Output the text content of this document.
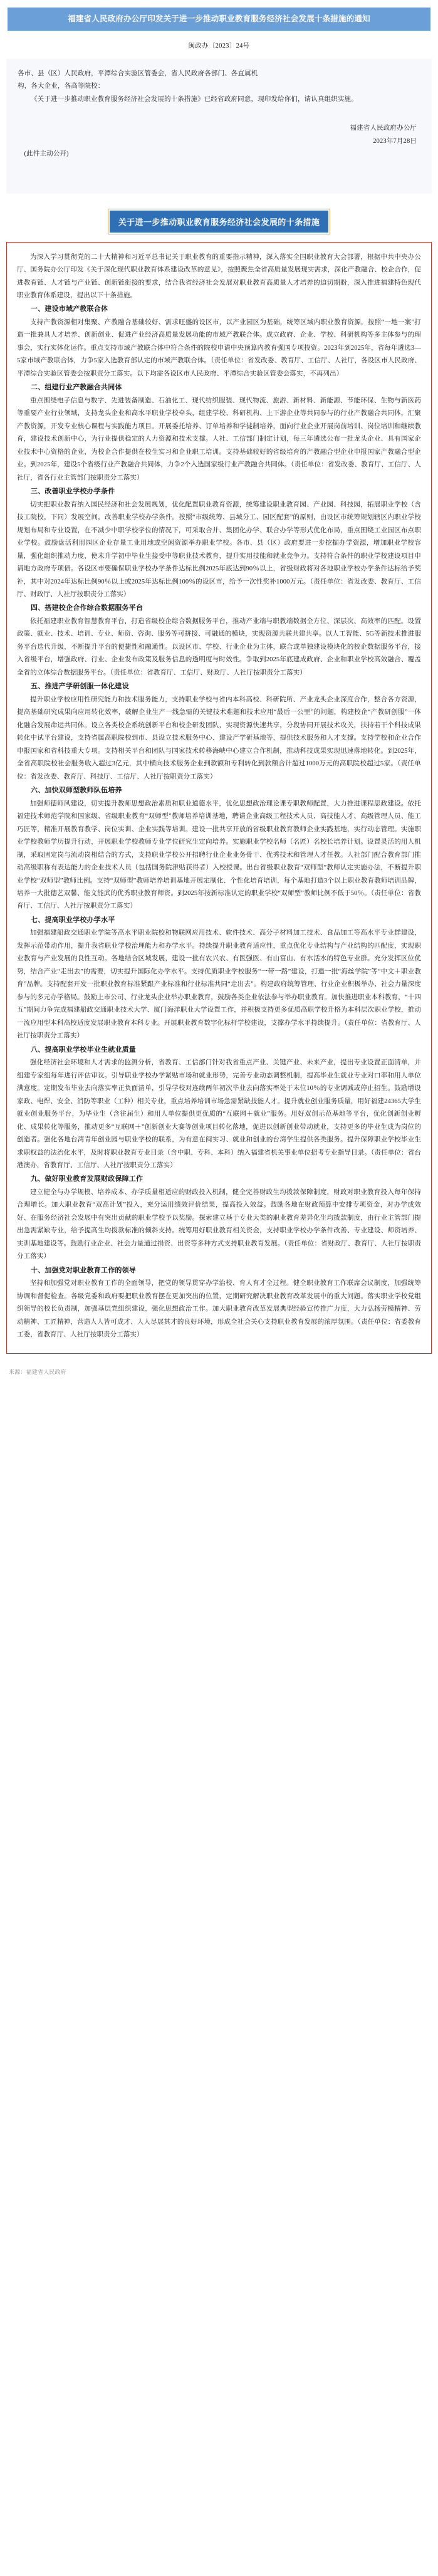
福建省人民政府办公厅印发关于进一步推动职业教育服务经济社会发展十条措施的通知
闽政办〔2023〕24号

各市、县（区）人民政府，平潭综合实验区管委会，省人民政府各部门、各直属机

构，各大企业，各高等院校：

《关于进一步推动职业教育服务经济社会发展的十条措施》已经省政府同意，现印发给你们，请认真组织实施。

福建省人民政府办公厅
2023年7月28日

(此件主动公开)

关于进一步推动职业教育服务经济社会发展的十条措施

为深入学习贯彻党的二十大精神和习近平总书记关于职业教育的重要指示精神，深入落实全国职业教育大会部署，根据中共中央办公厅、国务院办公厅印发《关于深化现代职业教育体系建设改革的意见》，按照聚焦全省高质量发展现实需求，深化产教融合、校企合作，促进教育链、人才链与产业链、创新链衔接的要求，结合我省经济社会发展对职业教育高质量人才培养的迫切期盼，深入推进福建特色现代职业教育体系建设，提出以下十条措施。

一、建设市域产教联合体

支持产教资源相对集聚、产教融合基础较好、需求旺盛的设区市，以产业园区为基础，统筹区域内职业教育资源，按照“一地一案”打造一批兼具人才培养、创新创业、促进产业经济高质量发展功能的市域产教联合体。成立政府、企业、学校、科研机构等多主体参与的理事会，实行实体化运作。重点支持市域产教联合体中符合条件的院校申请中央预算内教育强国专项投资。2023年到2025年，省每年遴选3—5家市域产教联合体，力争5家入选教育部认定的市域产教联合体。（责任单位：省发改委、教育厅、工信厅、人社厅，各设区市人民政府、平潭综合实验区管委会按职责分工落实。以下均需各设区市人民政府、平潭综合实验区管委会落实，不再列出）

二、组建行业产教融合共同体

重点围绕电子信息与数字、先进装备制造、石油化工、现代纺织服装、现代物流、旅游、新材料、新能源、节能环保、生物与新医药等重要产业行业领域，支持龙头企业和高水平职业学校牵头，组建学校、科研机构、上下游企业等共同参与的行业产教融合共同体，汇聚产教资源，开发专业核心课程与实践能力项目。开展委托培养、订单培养和学徒制培养，面向行业企业开展岗前培训、岗位培训和继续教育，建设技术创新中心，为行业提供稳定的人力资源和技术支撑。人社、工信部门制定计划，每三年遴选公布一批龙头企业、具有国家企业技术中心资格的企业，为校企合作提供在校生实习和企业职工培训。支持基础较好的省级培育的产教融合型企业申报国家产教融合型企业。到2025年，建设5个省级行业产教融合共同体，力争2个入选国家级行业产教融合共同体。（责任单位：省发改委、教育厅、工信厅、人社厅，省各行业主管部门按职责分工落实）

三、改善职业学校办学条件

切实把职业教育纳入国民经济和社会发展规划，优化配置职业教育资源，统筹建设职业教育园、产业园、科技园，拓展职业学校（含技工院校，下同）发展空间，改善职业学校办学条件。按照“市级统筹、县域分工、园区配套”的原则，由设区市统筹规划辖区内职业学校规划布局和专业设置，在不减少中职学校学位的情况下，可采取合并、集团化办学、联合办学等形式优化布局，重点围绕工业园区布点职业学校。鼓励盘活利用园区企业存量工业用地或空闲资源举办职业学校。各市、县（区）政府要进一步挖掘办学资源，增加职业学校容量，强化组织推动力度，使未升学初中毕业生接受中等职业技术教育，提升实用技能和就业竞争力。支持符合条件的职业学校建设项目申请地方政府专项债。各设区市要确保职业学校办学条件达标比例2025年底达到90％以上，省级财政将对各地职业学校办学条件达标给予奖补，其中对2024年达标比例90％以上或2025年达标比例100％的设区市，给予一次性奖补1000万元。（责任单位：省发改委、教育厅、工信厅、财政厅、人社厅按职责分工落实）

四、搭建校企合作综合数据服务平台

依托福建职业教育智慧教育平台，打造省级校企综合数据服务平台，推动产业端与职教端数据全方位、深层次、高效率的匹配。设置政策、就业、技术、培训、专业、师资、咨询、服务等可拼接、可融通的模块，实现资源共联共建共享。以人工智能、5G等新技术推进服务平台迭代升级，不断提升平台的便捷性和融通性。以设区市、学校、行业企业为主体，联合或单独建设模块化的校企数据服务平台，接入省级平台，增强政府、行业、企业发布政策及服务信息的透明度与时效性。争取到2025年底建成政府、企业和职业学校高效融合、覆盖全省的立体综合数据服务平台。（责任单位：省教育厅、工信厅、财政厅、人社厅按职责分工落实）

五、推进产学研创服一体化建设

提升职业学校应用性研究能力和技术服务能力，支持职业学校与省内本科高校、科研院所、产业龙头企业深度合作，整合各方资源，提高基础研究成果向应用转化效率，破解企业生产一线急需的关键技术难题和技术应用“最后一公里”的问题，构建校企“产教研创服”一体化融合发展命运共同体。设立各类校企系统创新平台和校企研发团队，实现资源快速共享，分段协同开展技术攻关，扶持若干个科技成果转化中试平台建设，支持省属高职院校到市、县设立技术服务中心、建设产学研基地等，提供技术服务和人才支撑。支持学校和企业合作申报国家和省科技重大专项。支持相关平台和团队与国家技术转移海峡中心建立合作机制，推动科技成果实现迅速落地转化。到2025年，全省高职院校社会服务收入超过3亿元，其中横向技术服务企业到款额和专利转化到款额合计超过1000万元的高职院校超过5家。（责任单位：省发改委、教育厅、科技厅、工信厅、人社厅按职责分工落实）

六、加快双师型教师队伍培养

加强师德师风建设，切实提升教师思想政治素质和职业道德水平，优化思想政治理论课专职教师配置，大力推进课程思政建设。依托福建技术师范学院和国家级、省级职业教育“双师型”教师培养培训基地，聘请企业高级工程技术人员、高技能人才、高级管理人员、能工巧匠等，精准开展教育教学、岗位实训、企业实践等培训。建设一批共享开放的省级职业教育教师企业实践基地，实行动态管理。实施职业学校教师学历提升行动，开展职业学校教师专业学位研究生定向培养。实施职业学校名师（名匠）名校长培养计划。设置灵活的用人机制，采取固定岗与流动岗相结合的方式，支持职业学校公开招聘行业企业业务骨干、优秀技术和管理人才任教。人社部门配合教育部门推动高级职称有表达能力的企业技术人员（包括国务院津贴获得者）入校授课。出台省级职业教育“双师型”教师认定实施办法，不断提升职业学校“双师型”教师比例。支持“双师型”教师培养培训基地开展定制化、个性化培育培训，每个基地打造3个以上职业教育教师培训品牌，培养一大批德艺双馨、能文能武的优秀职业教育师资。到2025年按新标准认定的职业学校“双师型”教师比例不低于50％。（责任单位：省教育厅、工信厅、人社厅按职责分工落实）

七、提高职业学校办学水平

加强福建船政交通职业学院等高水平职业院校和物联网应用技术、软件技术、高分子材料加工技术、食品加工等高水平专业群建设，发挥示范带动作用，提升我省职业学校治理能力和办学水平。持续提升职业教育适应性，重点优化专业结构与产业结构的匹配度，实现职业教育与产业发展的良性互动。各地结合区域发展，建设一批有农兴农、有医强医、有山富山、有水活水的特色专业群。充分发挥区位优势，结合产业“走出去”的需要，切实提升国际化办学水平。支持优质职业学校服务“一带一路”建设，打造一批“海丝学院”等“中文＋职业教育”品牌。支持配套开发一批职业教育标准紧跟产业标准和行业标准共同“走出去”。构建政府统筹管理、行业企业积极举办、社会力量深度参与的多元办学格局。鼓励上市公司、行业龙头企业举办职业教育，鼓励各类企业依法参与举办职业教育。加快推进职业本科教育，“十四五”期间力争完成福建船政交通职业技术大学、厦门海洋职业大学设置工作，并积极支持更多优质高职学校升格为本科层次职业学校，推动一流应用型本科高校适度发展职业教育本科专业。开展职业教育数字化标杆学校建设，支撑办学水平持续提升。（责任单位：省教育厅、人社厅按职责分工落实）

八、提高职业学校毕业生就业质量

强化经济社会环境和人才需求的监测分析，省教育、工信部门针对我省重点产业、关键产业、未来产业，提出专业设置正面清单，并组建专家组每年进行评估审议。引导职业学校办学紧贴市场和就业形势，完善专业动态调整机制，提高毕业生就业专业对口率和用人单位满意度。定期发布毕业去向落实率正负面清单，引导学校对连续两年初次毕业去向落实率处于末位10％的专业调减或停止招生。鼓励增设家政、电焊、安全、消防等职业（工种）相关专业，重点培养培训市场急需紧缺技能人才。提升就业创业服务质量，用好福建24365大学生就业创业服务平台，为毕业生（含往届生）和用人单位提供更优质的“互联网＋就业”服务。用好双创示范基地等平台，优化创新创业孵化、成果转化等服务，推动更多“互联网＋”创新创业大赛等创业项目转化落地，促进以创新创业带动就业，支持更多的毕业生成为岗位的创造者。强化各地台湾青年创业园与职业学校的联系，为有意在闽实习、就业和创业的台湾学生提供各类服务。提升保障职业学校毕业生求职权益的法治化水平，及时将职业教育专业目录（含中职、专科、本科）纳入福建省机关事业单位招考专业指导目录。（责任单位：省台港澳办，省教育厅、工信厅、人社厅按职责分工落实）

九、做好职业教育发展财政保障工作

建立健全与办学规模、培养成本、办学质量相适应的财政投入机制，健全完善财政生均拨款保障制度，财政对职业教育投入每年保持合理增长。加大职业教育“双高计划”投入，充分运用绩效评价结果，提高投入效益。鼓励各地在财政预算中安排专项资金，对办学成效好、在服务经济社会发展中有突出贡献的职业学校予以奖励。探索建立基于专业大类的职业教育差异化生均拨款制度，由行业主管部门提出急需紧缺专业，给予提高生均拨款标准的倾斜支持。统筹用好职业教育相关资金，支持职业学校办学条件改善、专业建设、师资培养、实训基地建设等。鼓励行业企业、社会力量通过捐资、出资等多种方式支持职业教育发展。（责任单位：省财政厅、教育厅、人社厅按职责分工落实）

十、加强党对职业教育工作的领导

坚持和加强党对职业教育工作的全面领导，把党的领导贯穿办学治校、育人育才全过程。健全职业教育工作联席会议制度，加强统筹协调和督促检查。各级党委和政府要把职业教育摆在更加突出的位置，定期研究解决职业教育改革发展中的重大问题。落实职业学校党组织领导的校长负责制，加强基层党组织建设，强化思想政治工作。加大职业教育改革发展典型经验宣传推广力度，大力弘扬劳模精神、劳动精神、工匠精神，营造人人皆可成才、人人尽展其才的良好环境，形成全社会关心支持职业教育发展的浓厚氛围。（责任单位：省委教育工委，省教育厅、人社厅按职责分工落实）

来源：福建省人民政府
